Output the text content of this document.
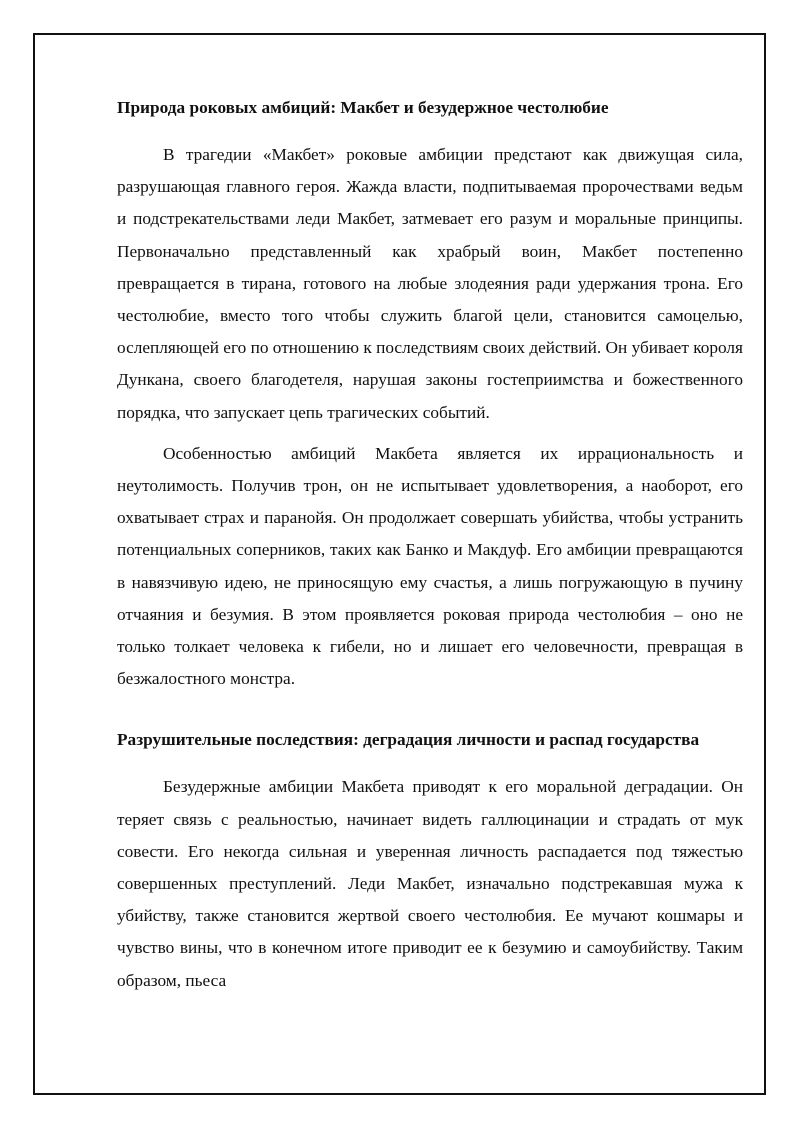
Природа роковых амбиций: Макбет и безудержное честолюбие

В трагедии «Макбет» роковые амбиции предстают как движущая сила, разрушающая главного героя. Жажда власти, подпитываемая пророчествами ведьм и подстрекательствами леди Макбет, затмевает его разум и моральные принципы. Первоначально представленный как храбрый воин, Макбет постепенно превращается в тирана, готового на любые злодеяния ради удержания трона. Его честолюбие, вместо того чтобы служить благой цели, становится самоцелью, ослепляющей его по отношению к последствиям своих действий. Он убивает короля Дункана, своего благодетеля, нарушая законы гостеприимства и божественного порядка, что запускает цепь трагических событий.

Особенностью амбиций Макбета является их иррациональность и неутолимость. Получив трон, он не испытывает удовлетворения, а наоборот, его охватывает страх и паранойя. Он продолжает совершать убийства, чтобы устранить потенциальных соперников, таких как Банко и Макдуф. Его амбиции превращаются в навязчивую идею, не приносящую ему счастья, а лишь погружающую в пучину отчаяния и безумия. В этом проявляется роковая природа честолюбия – оно не только толкает человека к гибели, но и лишает его человечности, превращая в безжалостного монстра.

Разрушительные последствия: деградация личности и распад государства

Безудержные амбиции Макбета приводят к его моральной деградации. Он теряет связь с реальностью, начинает видеть галлюцинации и страдать от мук совести. Его некогда сильная и уверенная личность распадается под тяжестью совершенных преступлений. Леди Макбет, изначально подстрекавшая мужа к убийству, также становится жертвой своего честолюбия. Ее мучают кошмары и чувство вины, что в конечном итоге приводит ее к безумию и самоубийству. Таким образом, пьеса
